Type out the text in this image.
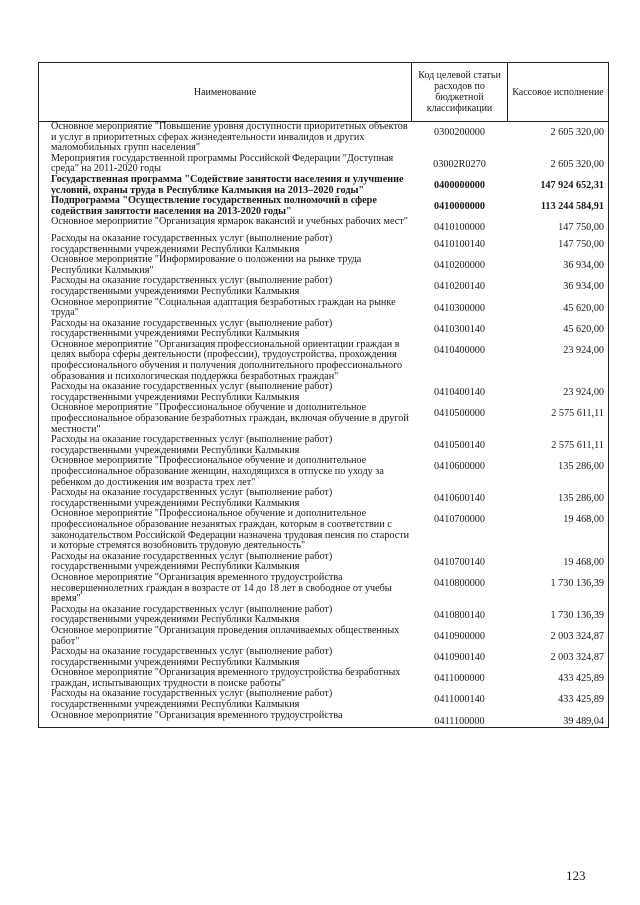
Наименование	Код целевой статьи расходов по бюджетной классификации	Кассовое исполнение
Основное мероприятие "Повышение уровня доступности приоритетных объектов и услуг в приоритетных сферах жизнедеятельности инвалидов и других маломобильных групп населения"	0300200000	2 605 320,00
Мероприятия государственной программы Российской Федерации "Доступная среда" на 2011-2020 годы	03002R0270	2 605 320,00
Государственная программа "Содействие занятости населения и улучшение условий, охраны труда в Республике Калмыкия на 2013–2020 годы"	0400000000	147 924 652,31
Подпрограмма "Осуществление государственных полномочий в сфере содействия занятости населения на 2013-2020 годы"	0410000000	113 244 584,91
Основное мероприятие "Организация ярмарок вакансий и учебных рабочих мест"	0410100000	147 750,00
Расходы на оказание государственных услуг (выполнение работ) государственными учреждениями Республики Калмыкия	0410100140	147 750,00
Основное мероприятие "Информирование о положении на рынке труда Республики Калмыкия"	0410200000	36 934,00
Расходы на оказание государственных услуг (выполнение работ) государственными учреждениями Республики Калмыкия	0410200140	36 934,00
Основное мероприятие "Социальная адаптация безработных граждан на рынке труда"	0410300000	45 620,00
Расходы на оказание государственных услуг (выполнение работ) государственными учреждениями Республики Калмыкия	0410300140	45 620,00
Основное мероприятие "Организация профессиональной ориентации граждан в целях выбора сферы деятельности (профессии), трудоустройства, прохождения профессионального обучения и получения дополнительного профессионального образования и психологическая поддержка безработных граждан"	0410400000	23 924,00
Расходы на оказание государственных услуг (выполнение работ) государственными учреждениями Республики Калмыкия	0410400140	23 924,00
Основное мероприятие "Профессиональное обучение и дополнительное профессиональное образование безработных граждан, включая обучение в другой местности"	0410500000	2 575 611,11
Расходы на оказание государственных услуг (выполнение работ) государственными учреждениями Республики Калмыкия	0410500140	2 575 611,11
Основное мероприятие "Профессиональное обучение и дополнительное профессиональное образование женщин, находящихся в отпуске по уходу за ребенком до достижения им возраста трех лет"	0410600000	135 286,00
Расходы на оказание государственных услуг (выполнение работ) государственными учреждениями Республики Калмыкия	0410600140	135 286,00
Основное мероприятие "Профессиональное обучение и дополнительное профессиональное образование незанятых граждан, которым в соответствии с законодательством Российской Федерации назначена трудовая пенсия по старости и которые стремятся возобновить трудовую деятельность"	0410700000	19 468,00
Расходы на оказание государственных услуг (выполнение работ) государственными учреждениями Республики Калмыкия	0410700140	19 468,00
Основное мероприятие "Организация временного трудоустройства несовершеннолетних граждан в возрасте от 14 до 18 лет в свободное от учебы время"	0410800000	1 730 136,39
Расходы на оказание государственных услуг (выполнение работ) государственными учреждениями Республики Калмыкия	0410800140	1 730 136,39
Основное мероприятие "Организация проведения оплачиваемых общественных работ"	0410900000	2 003 324,87
Расходы на оказание государственных услуг (выполнение работ) государственными учреждениями Республики Калмыкия	0410900140	2 003 324,87
Основное мероприятие "Организация временного трудоустройства безработных граждан, испытывающих трудности в поиске работы"	0411000000	433 425,89
Расходы на оказание государственных услуг (выполнение работ) государственными учреждениями Республики Калмыкия	0411000140	433 425,89
Основное мероприятие "Организация временного трудоустройства	0411100000	39 489,04
123
